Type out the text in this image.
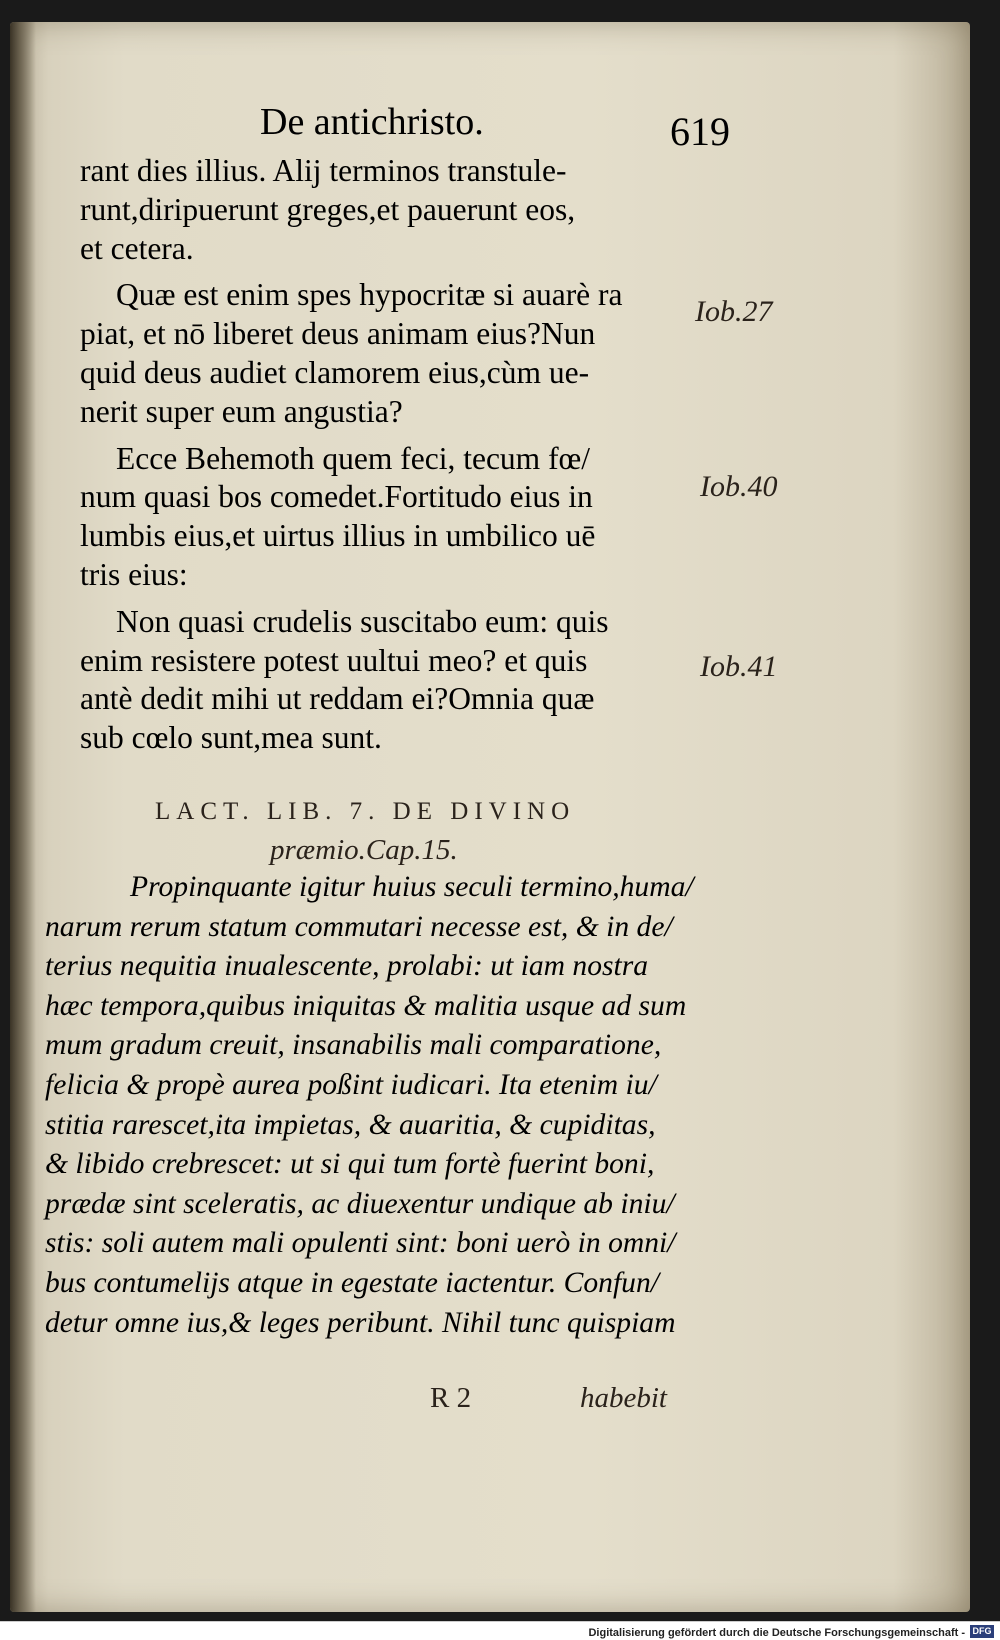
De antichristo.	619
rant dies illius. Alij terminos transtule-
runt,diripuerunt greges,et pauerunt eos,
et cetera.
Quæ est enim spes hypocritæ si auarè ra
piat, et nō liberet deus animam eius?Nun
quid deus audiet clamorem eius,cùm ue-
nerit super eum angustia?
Ecce Behemoth quem feci, tecum fœ/
num quasi bos comedet.Fortitudo eius in
lumbis eius,et uirtus illius in umbilico uē
tris eius:
Non quasi crudelis suscitabo eum: quis
enim resistere potest uultui meo? et quis
antè dedit mihi ut reddam ei?Omnia quæ
sub cœlo sunt,mea sunt.
Iob.27
Iob.40
Iob.41
LACT. LIB. 7. DE DIVINO
præmio.Cap.15.
Propinquante igitur huius seculi termino,huma/
narum rerum statum commutari necesse est, & in de/
terius nequitia inualescente, prolabi: ut iam nostra
hæc tempora,quibus iniquitas & malitia usque ad sum
mum gradum creuit, insanabilis mali comparatione,
felicia & propè aurea poßint iudicari. Ita etenim iu/
stitia rarescet,ita impietas, & auaritia, & cupiditas,
& libido crebrescet: ut si qui tum fortè fuerint boni,
prædæ sint sceleratis, ac diuexentur undique ab iniu/
stis: soli autem mali opulenti sint: boni uerò in omni/
bus contumelijs atque in egestate iactentur. Confun/
detur omne ius,& leges peribunt. Nihil tunc quispiam
R 2	habebit
Digitalisierung gefördert durch die Deutsche Forschungsgemeinschaft - DFG
